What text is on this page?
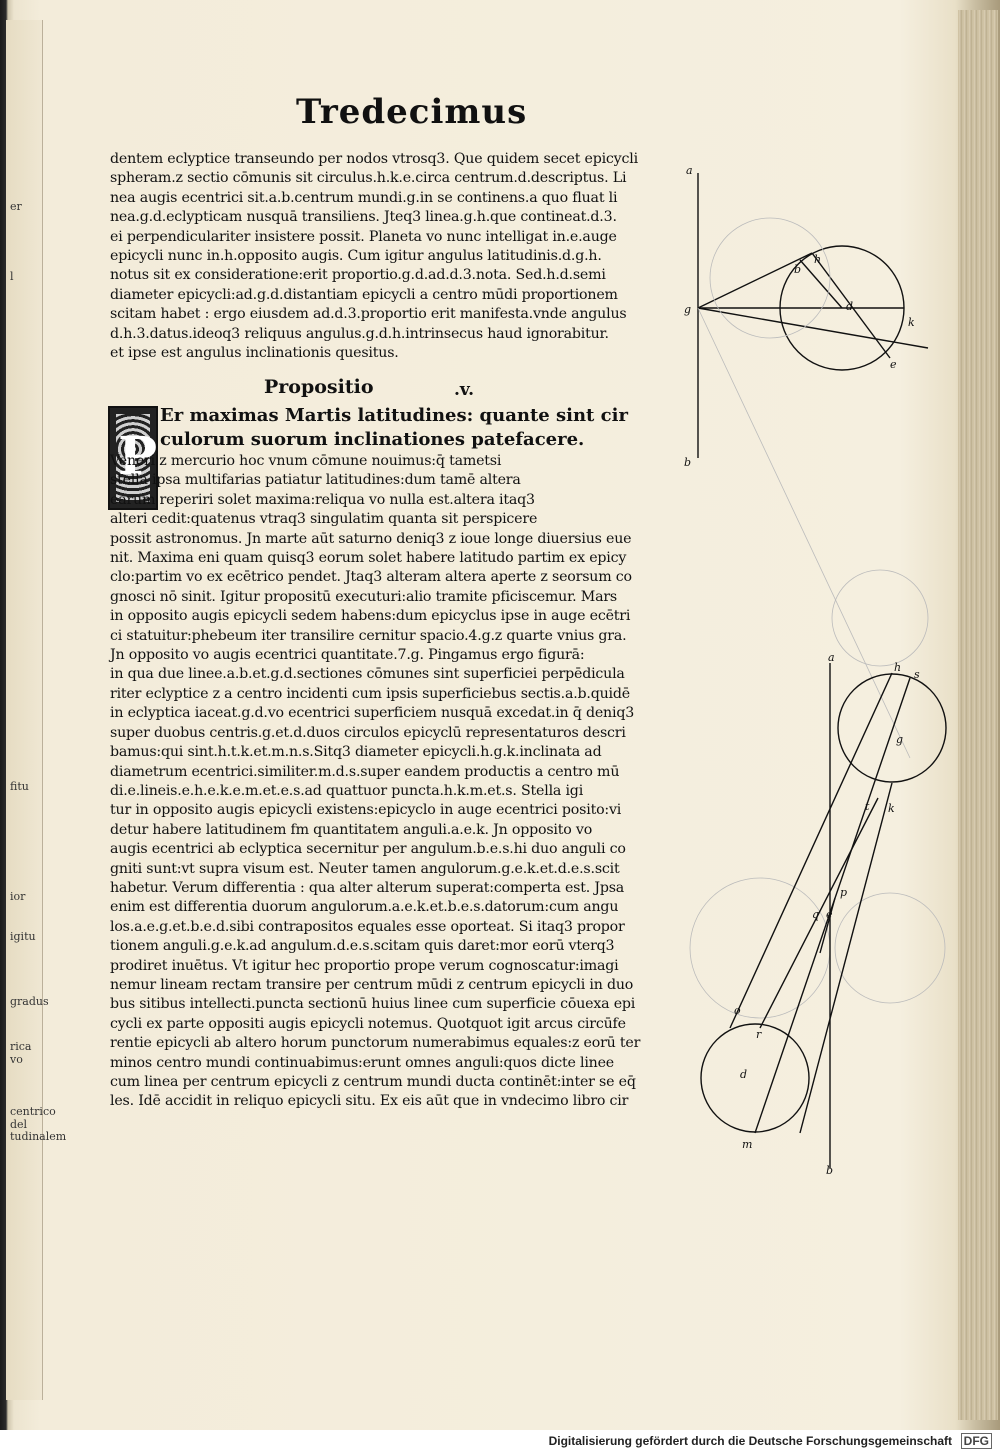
er
l
fitu
ior
igitu
gradus
rica vo
centrico del
tudinalem
Tredecimus
dentem eclyptice transeundo per nodos vtrosq3. Que quidem secet epicycli
spheram.z sectio cōmunis sit circulus.h.k.e.circa centrum.d.descriptus. Li
nea augis ecentrici sit.a.b.centrum mundi.g.in se continens.a quo fluat li
nea.g.d.eclypticam nusquā transiliens. Jteq3 linea.g.h.que contineat.d.3.
ei perpendiculariter insistere possit. Planeta vo nunc intelligat in.e.auge
epicycli nunc in.h.opposito augis. Cum igitur angulus latitudinis.d.g.h.
notus sit ex consideratione:erit proportio.g.d.ad.d.3.nota. Sed.h.d.semi
diameter epicycli:ad.g.d.distantiam epicycli a centro mūdi proportionem
scitam habet : ergo eiusdem ad.d.3.proportio erit manifesta.vnde angulus
d.h.3.datus.ideoq3 reliquus angulus.g.d.h.intrinsecus haud ignorabitur.
et ipse est angulus inclinationis quesitus.
Propositio	.v.
P
Er maximas Martis latitudines: quante sint cir
culorum suorum inclinationes patefacere.
Veneri z mercurio hoc vnum cōmune nouimus:q̄ tametsi
stella ipsa multifarias patiatur latitudines:dum tamē altera
earum reperiri solet maxima:reliqua vo nulla est.altera itaq3
alteri cedit:quatenus vtraq3 singulatim quanta sit perspicere
possit astronomus. Jn marte aūt saturno deniq3 z ioue longe diuersius eue
nit. Maxima eni quam quisq3 eorum solet habere latitudo partim ex epicy
clo:partim vo ex ecētrico pendet. Jtaq3 alteram altera aperte z seorsum co
gnosci nō sinit. Igitur propositū executuri:alio tramite pficiscemur. Mars
in opposito augis epicycli sedem habens:dum epicyclus ipse in auge ecētri
ci statuitur:phebeum iter transilire cernitur spacio.4.g.z quarte vnius gra.
Jn opposito vo augis ecentrici quantitate.7.g. Pingamus ergo figurā:
in qua due linee.a.b.et.g.d.sectiones cōmunes sint superficiei perpēdicula
riter eclyptice z a centro incidenti cum ipsis superficiebus sectis.a.b.quidē
in eclyptica iaceat.g.d.vo ecentrici superficiem nusquā excedat.in q̄ deniq3
super duobus centris.g.et.d.duos circulos epicyclū representaturos descri
bamus:qui sint.h.t.k.et.m.n.s.Sitq3 diameter epicycli.h.g.k.inclinata ad
diametrum ecentrici.similiter.m.d.s.super eandem productis a centro mū
di.e.lineis.e.h.e.k.e.m.et.e.s.ad quattuor puncta.h.k.m.et.s. Stella igi
tur in opposito augis epicycli existens:epicyclo in auge ecentrici posito:vi
detur habere latitudinem fm quantitatem anguli.a.e.k. Jn opposito vo
augis ecentrici ab eclyptica secernitur per angulum.b.e.s.hi duo anguli co
gniti sunt:vt supra visum est. Neuter tamen angulorum.g.e.k.et.d.e.s.scit
habetur. Verum differentia : qua alter alterum superat:comperta est. Jpsa
enim est differentia duorum angulorum.a.e.k.et.b.e.s.datorum:cum angu
los.a.e.g.et.b.e.d.sibi contrapositos equales esse oporteat. Si itaq3 propor
tionem anguli.g.e.k.ad angulum.d.e.s.scitam quis daret:mor eorū vterq3
prodiret inuētus. Vt igitur hec proportio prope verum cognoscatur:imagi
nemur lineam rectam transire per centrum mūdi z centrum epicycli in duo
bus sitibus intellecti.puncta sectionū huius linee cum superficie cōuexa epi
cycli ex parte oppositi augis epicycli notemus. Quotquot igit arcus circūfe
rentie epicycli ab altero horum punctorum numerabimus equales:z eorū ter
minos centro mundi continuabimus:erunt omnes anguli:quos dicte linee
cum linea per centrum epicycli z centrum mundi ducta continēt:inter se eq̄
les. Idē accidit in reliquo epicycli situ. Ex eis aūt que in vndecimo libro cir
a
b
g
h
b
d
k
e
a
h
s
g
t k
p
q e
o
r
d
m
b
Digitalisierung gefördert durch die Deutsche Forschungsgemeinschaft DFG
